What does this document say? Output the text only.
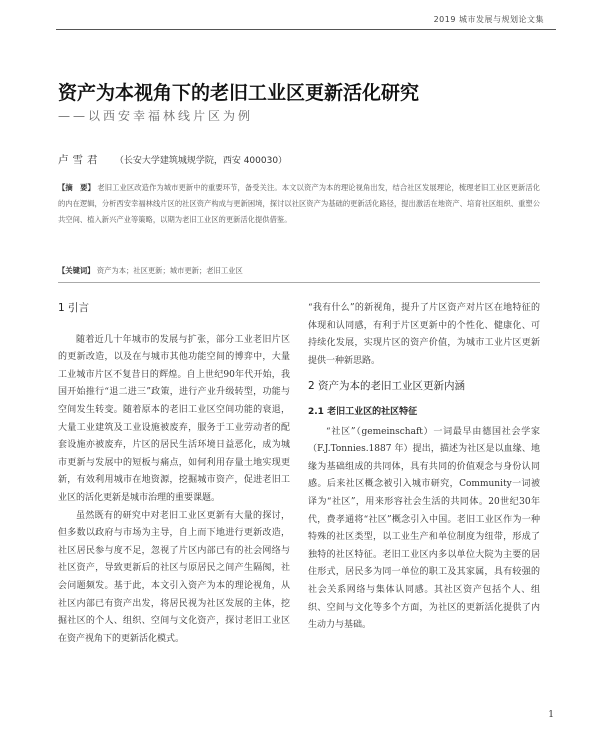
2019 城市发展与规划论文集
资产为本视角下的老旧工业区更新活化研究
——以西安幸福林线片区为例
卢雪君 （长安大学建筑城规学院，西安 400030）
【摘　要】 老旧工业区改造作为城市更新中的重要环节，备受关注。本文以资产为本的理论视角出发，结合社区发展理论，梳理老旧工业区更新活化的内在逻辑，分析西安幸福林线片区的社区资产构成与更新困境，探讨以社区资产为基础的更新活化路径，提出激活在地资产、培育社区组织、重塑公共空间、植入新兴产业等策略，以期为老旧工业区的更新活化提供借鉴。
【关键词】 资产为本；社区更新；城市更新；老旧工业区
1 引言

随着近几十年城市的发展与扩张，部分工业老旧片区的更新改造，以及在与城市其他功能空间的博弈中，大量工业城市片区不复昔日的辉煌。自上世纪90年代开始，我国开始推行“退二进三”政策，进行产业升级转型，功能与空间发生转变。随着原本的老旧工业区空间功能的衰退，大量工业建筑及工业设施被废弃，服务于工业劳动者的配套设施亦被废弃，片区的居民生活环境日益恶化，成为城市更新与发展中的短板与痛点，如何利用存量土地实现更新，有效利用城市在地资源，挖掘城市资产，促进老旧工业区的活化更新是城市治理的重要课题。

虽然既有的研究中对老旧工业区更新有大量的探讨，但多数以政府与市场为主导，自上而下地进行更新改造，社区居民参与度不足，忽视了片区内部已有的社会网络与社区资产，导致更新后的社区与原居民之间产生隔阂，社会问题频发。基于此，本文引入资产为本的理论视角，从社区内部已有资产出发，将居民视为社区发展的主体，挖掘社区的个人、组织、空间与文化资产，探讨老旧工业区在资产视角下的更新活化模式。

“我有什么”的新视角，提升了片区资产对片区在地特征的体现和认同感，有利于片区更新中的个性化、健康化、可持续化发展，实现片区的资产价值，为城市工业片区更新提供一种新思路。

2 资产为本的老旧工业区更新内涵
2.1 老旧工业区的社区特征

“社区”（gemeinschaft）一词最早由德国社会学家（F.J.Tonnies.1887 年）提出，描述为社区是以血缘、地缘为基础组成的共同体，具有共同的价值观念与身份认同感。后来社区概念被引入城市研究，Community一词被译为“社区”，用来形容社会生活的共同体。20世纪30年代，费孝通将“社区”概念引入中国。老旧工业区作为一种特殊的社区类型，以工业生产和单位制度为纽带，形成了独特的社区特征。老旧工业区内多以单位大院为主要的居住形式，居民多为同一单位的职工及其家属，具有较强的社会关系网络与集体认同感。其社区资产包括个人、组织、空间与文化等多个方面，为社区的更新活化提供了内生动力与基础。

1
